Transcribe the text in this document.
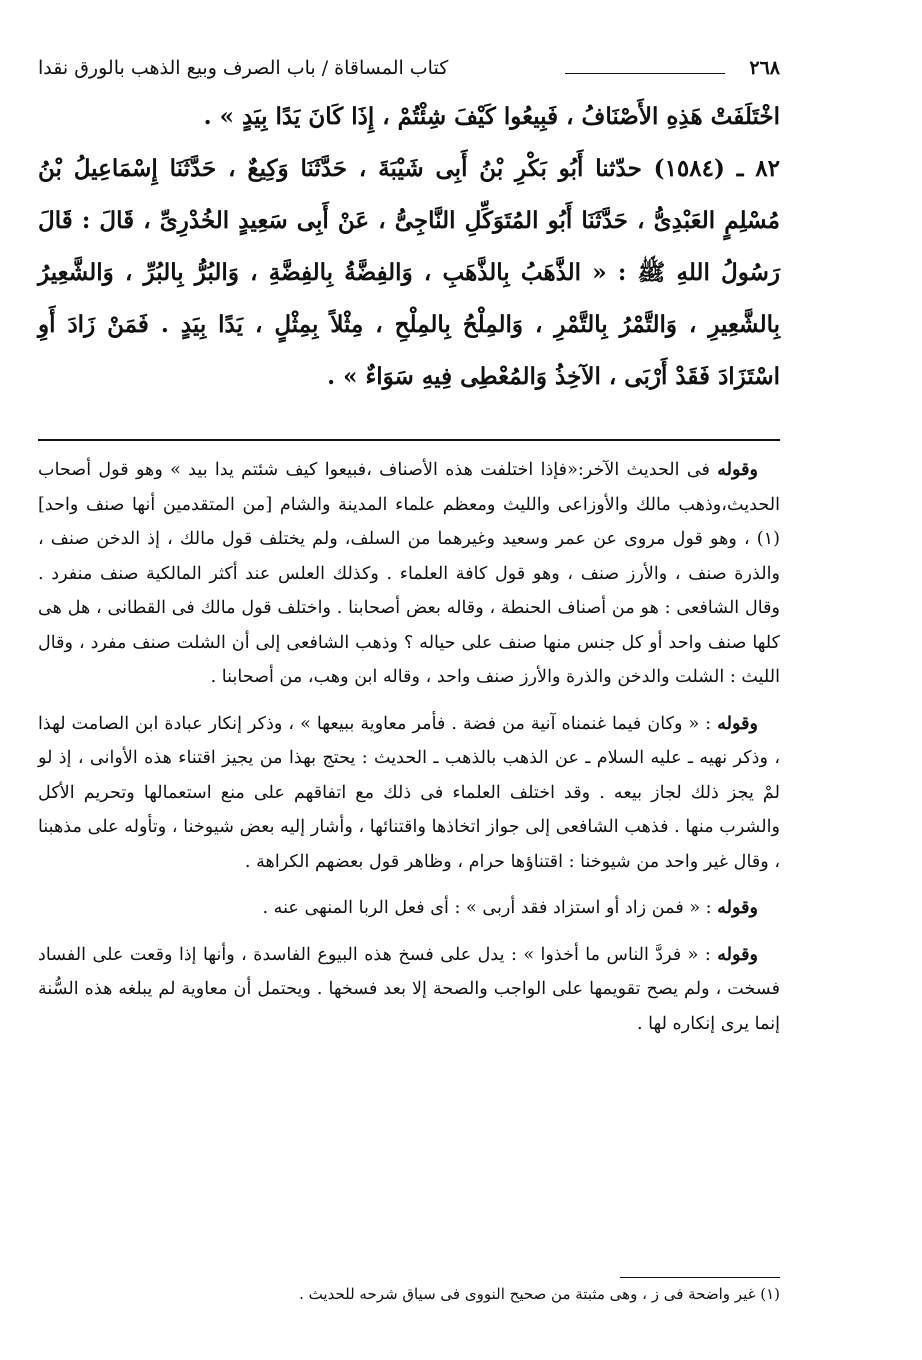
٢٦٨
كتاب المساقاة / باب الصرف وبيع الذهب بالورق نقدا

اخْتَلَفَتْ هَذِهِ الأَصْنَافُ ، فَبِيعُوا كَيْفَ شِئْتُمْ ، إِذَا كَانَ يَدًا بِيَدٍ » .

٨٢ ـ (١٥٨٤) حدّثنا أَبُو بَكْرِ بْنُ أَبِى شَيْبَةَ ، حَدَّثَنَا وَكِيعٌ ، حَدَّثَنَا إِسْمَاعِيلُ بْنُ مُسْلِمٍ العَبْدِىُّ ، حَدَّثَنَا أَبُو المُتَوَكِّلِ النَّاجِىُّ ، عَنْ أَبِى سَعِيدٍ الخُدْرِىِّ ، قَالَ : قَالَ رَسُولُ اللهِ ﷺ : « الذَّهَبُ بِالذَّهَبِ ، وَالفِضَّةُ بِالفِضَّةِ ، وَالبُرُّ بِالبُرِّ ، وَالشَّعِيرُ بِالشَّعِيرِ ، وَالتَّمْرُ بِالتَّمْرِ ، وَالمِلْحُ بِالمِلْحِ ، مِثْلاً بِمِثْلٍ ، يَدًا بِيَدٍ . فَمَنْ زَادَ أَوِ اسْتَزَادَ فَقَدْ أَرْبَى ، الآخِذُ وَالمُعْطِى فِيهِ سَوَاءٌ » .

وقوله فى الحديث الآخر:«فإذا اختلفت هذه الأصناف ،فبيعوا كيف شئتم يدا بيد » وهو قول أصحاب الحديث،وذهب مالك والأوزاعى والليث ومعظم علماء المدينة والشام [من المتقدمين أنها صنف واحد] (١) ، وهو قول مروى عن عمر وسعيد وغيرهما من السلف، ولم يختلف قول مالك ، إذ الدخن صنف ، والذرة صنف ، والأرز صنف ، وهو قول كافة العلماء . وكذلك العلس عند أكثر المالكية صنف منفرد . وقال الشافعى : هو من أصناف الحنطة ، وقاله بعض أصحابنا . واختلف قول مالك فى القطانى ، هل هى كلها صنف واحد أو كل جنس منها صنف على حياله ؟ وذهب الشافعى إلى أن الشلت صنف مفرد ، وقال الليث : الشلت والدخن والذرة والأرز صنف واحد ، وقاله ابن وهب، من أصحابنا .

وقوله : « وكان فيما غنمناه آنية من فضة . فأمر معاوية ببيعها » ، وذكر إنكار عبادة ابن الصامت لهذا ، وذكر نهيه ـ عليه السلام ـ عن الذهب بالذهب ـ الحديث : يحتج بهذا من يجيز اقتناء هذه الأوانى ، إذ لو لمْ يجز ذلك لجاز بيعه . وقد اختلف العلماء فى ذلك مع اتفاقهم على منع استعمالها وتحريم الأكل والشرب منها . فذهب الشافعى إلى جواز اتخاذها واقتنائها ، وأشار إليه بعض شيوخنا ، وتأوله على مذهبنا ، وقال غير واحد من شيوخنا : اقتناؤها حرام ، وظاهر قول بعضهم الكراهة .

وقوله : « فمن زاد أو استزاد فقد أربى » : أى فعل الربا المنهى عنه .

وقوله : « فردَّ الناس ما أخذوا » : يدل على فسخ هذه البيوع الفاسدة ، وأنها إذا وقعت على الفساد فسخت ، ولم يصح تقويمها على الواجب والصحة إلا بعد فسخها . ويحتمل أن معاوية لم يبلغه هذه السُّنة إنما يرى إنكاره لها .

(١) غير واضحة فى ز ، وهى مثبتة من صحيح النووى فى سياق شرحه للحديث .
